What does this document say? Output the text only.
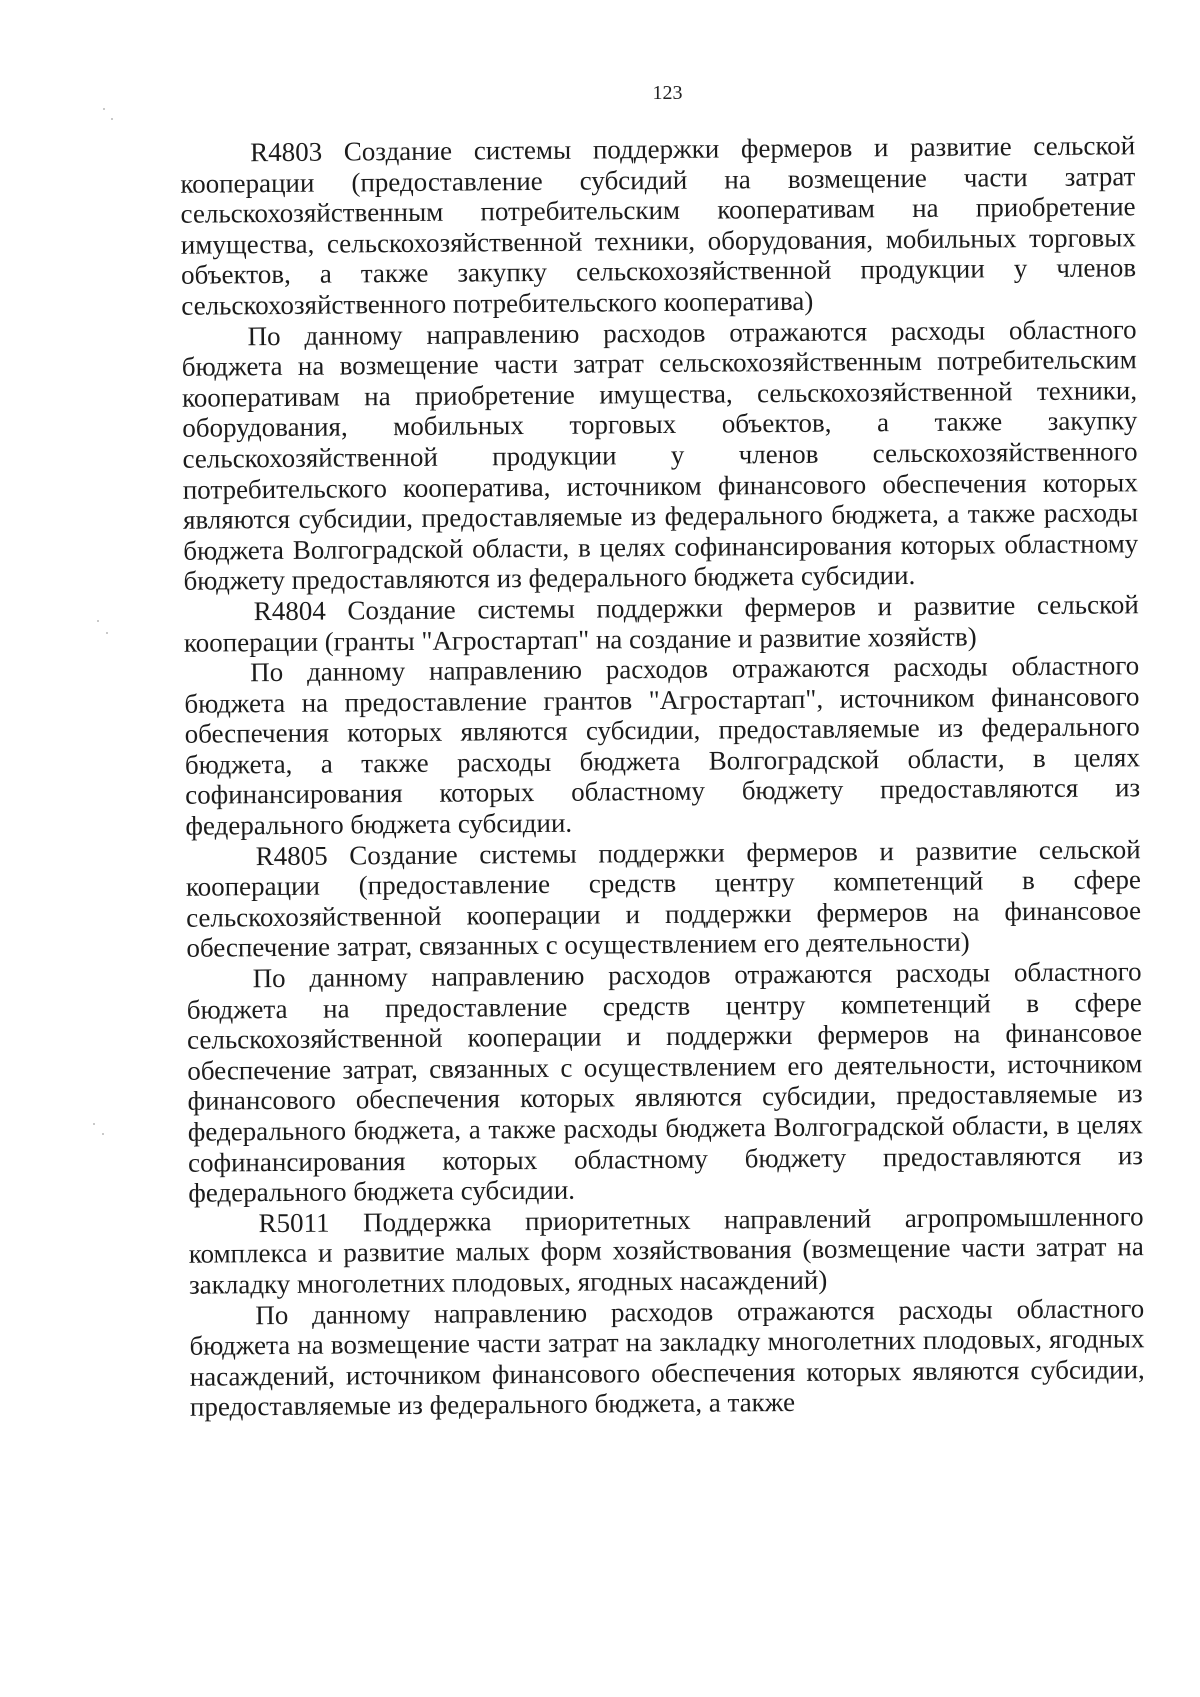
123

R4803 Создание системы поддержки фермеров и развитие сельской кооперации (предоставление субсидий на возмещение части затрат сельскохозяйственным потребительским кооперативам на приобретение имущества, сельскохозяйственной техники, оборудования, мобильных торговых объектов, а также закупку сельскохозяйственной продукции у членов сельскохозяйственного потребительского кооператива)

По данному направлению расходов отражаются расходы областного бюджета на возмещение части затрат сельскохозяйственным потребительским кооперативам на приобретение имущества, сельскохозяйственной техники, оборудования, мобильных торговых объектов, а также закупку сельскохозяйственной продукции у членов сельскохозяйственного потребительского кооператива, источником финансового обеспечения которых являются субсидии, предоставляемые из федерального бюджета, а также расходы бюджета Волгоградской области, в целях софинансирования которых областному бюджету предоставляются из федерального бюджета субсидии.

R4804 Создание системы поддержки фермеров и развитие сельской кооперации (гранты "Агростартап" на создание и развитие хозяйств)

По данному направлению расходов отражаются расходы областного бюджета на предоставление грантов "Агростартап", источником финансового обеспечения которых являются субсидии, предоставляемые из федерального бюджета, а также расходы бюджета Волгоградской области, в целях софинансирования которых областному бюджету предоставляются из федерального бюджета субсидии.

R4805 Создание системы поддержки фермеров и развитие сельской кооперации (предоставление средств центру компетенций в сфере сельскохозяйственной кооперации и поддержки фермеров на финансовое обеспечение затрат, связанных с осуществлением его деятельности)

По данному направлению расходов отражаются расходы областного бюджета на предоставление средств центру компетенций в сфере сельскохозяйственной кооперации и поддержки фермеров на финансовое обеспечение затрат, связанных с осуществлением его деятельности, источником финансового обеспечения которых являются субсидии, предоставляемые из федерального бюджета, а также расходы бюджета Волгоградской области, в целях софинансирования которых областному бюджету предоставляются из федерального бюджета субсидии.

R5011 Поддержка приоритетных направлений агропромышленного комплекса и развитие малых форм хозяйствования (возмещение части затрат на закладку многолетних плодовых, ягодных насаждений)

По данному направлению расходов отражаются расходы областного бюджета на возмещение части затрат на закладку многолетних плодовых, ягодных насаждений, источником финансового обеспечения которых являются субсидии, предоставляемые из федерального бюджета, а также
